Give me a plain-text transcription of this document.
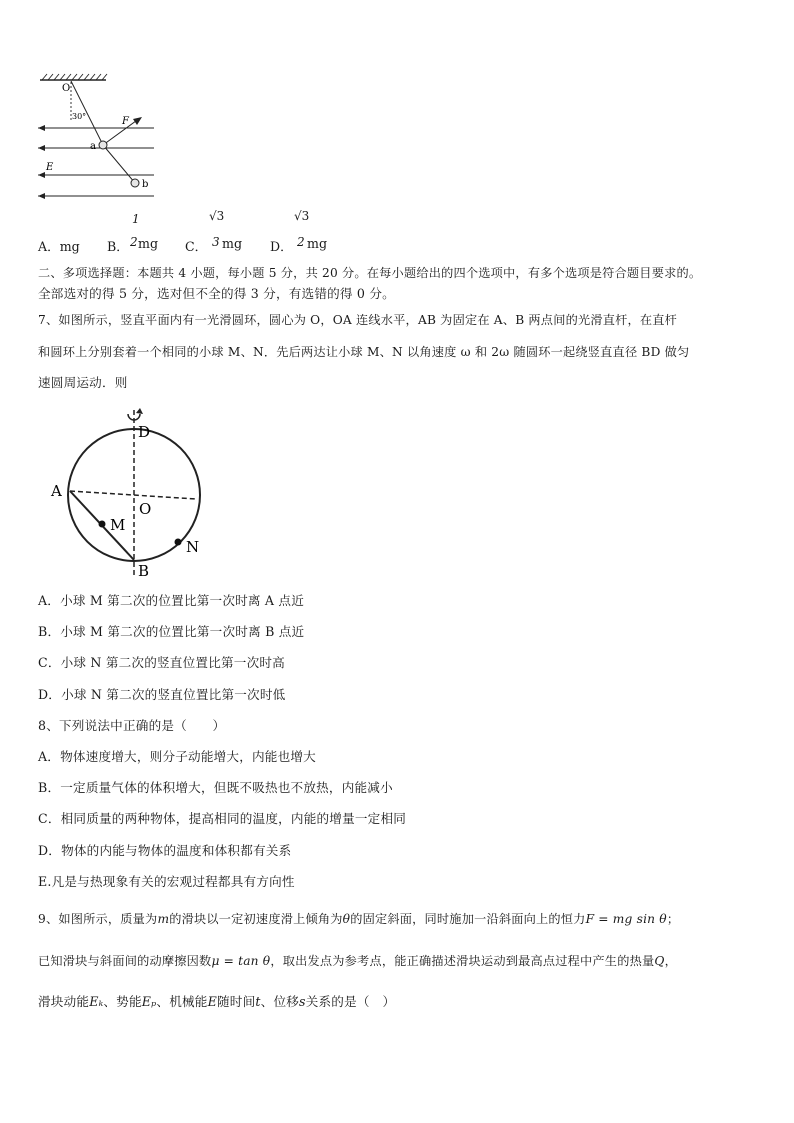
O
30°	F
a
E
b
A．mg B．
1
2 mg C．
√3
3 mg D．
√3
2 mg
二、多项选择题：本题共 4 小题，每小题 5 分，共 20 分。在每小题给出的四个选项中，有多个选项是符合题目要求的。
全部选对的得 5 分，选对但不全的得 3 分，有选错的得 0 分。
7、如图所示，竖直平面内有一光滑圆环，圆心为 O，OA 连线水平，AB 为固定在 A、B 两点间的光滑直杆，在直杆
和圆环上分别套着一个相同的小球 M、N．先后两达让小球 M、N 以角速度 ω 和 2ω 随圆环一起绕竖直直径 BD 做匀
速圆周运动．则
D
A
O
M
N
B
A．小球 M 第二次的位置比第一次时离 A 点近
B．小球 M 第二次的位置比第一次时离 B 点近
C．小球 N 第二次的竖直位置比第一次时高
D．小球 N 第二次的竖直位置比第一次时低
8、下列说法中正确的是（　　）
A．物体速度增大，则分子动能增大，内能也增大
B．一定质量气体的体积增大，但既不吸热也不放热，内能减小
C．相同质量的两种物体，提高相同的温度，内能的增量一定相同
D．物体的内能与物体的温度和体积都有关系
E.凡是与热现象有关的宏观过程都具有方向性
9、如图所示，质量为m的滑块以一定初速度滑上倾角为θ的固定斜面，同时施加一沿斜面向上的恒力F = mg sin θ；
已知滑块与斜面间的动摩擦因数μ = tan θ，取出发点为参考点，能正确描述滑块运动到最高点过程中产生的热量Q，
滑块动能Eₖ、势能Eₚ、机械能E随时间t、位移s关系的是（　）
